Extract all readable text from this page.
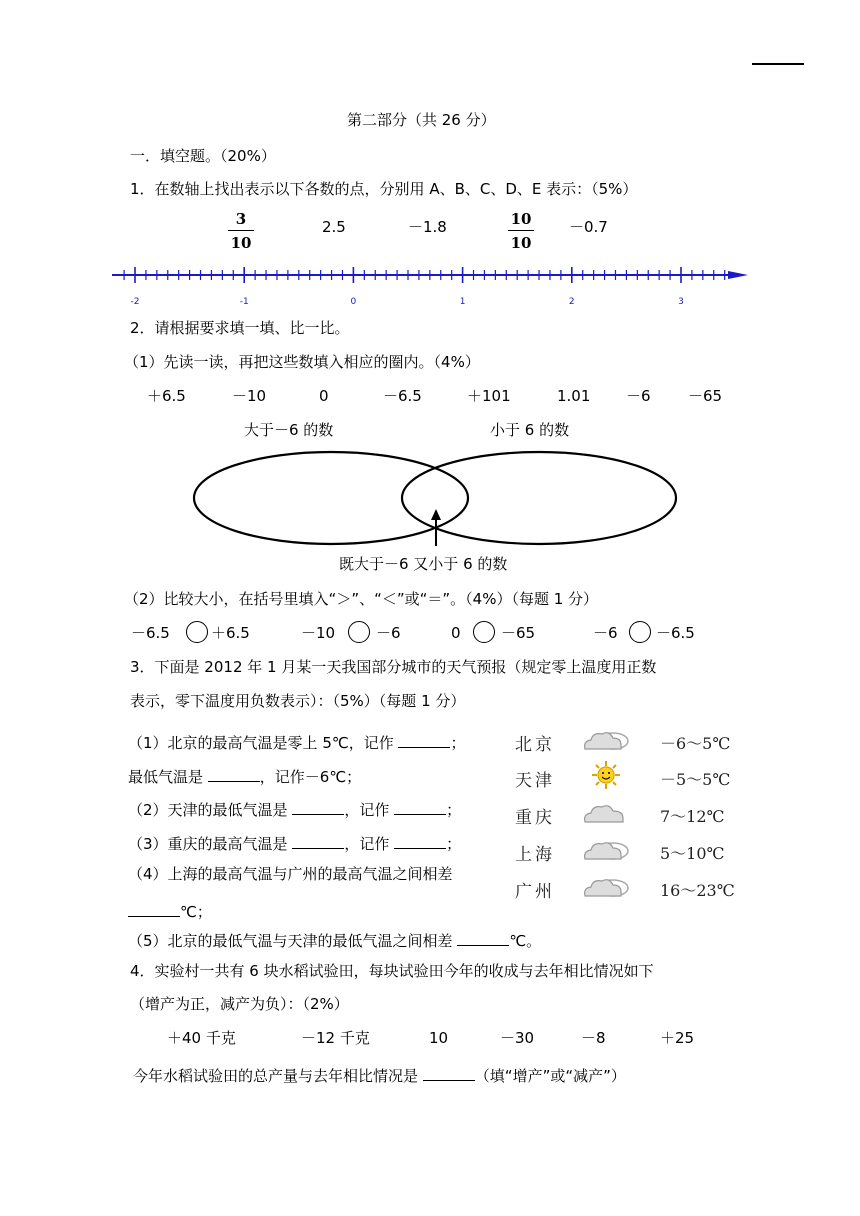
第二部分（共 26 分）
一．填空题。（20%）
1．在数轴上找出表示以下各数的点，分别用 A、B、C、D、E 表示：（5%）
3
10
2.5	－1.8	10
10
－0.7
-2	-1	0	1	2	3
2．请根据要求填一填、比一比。
（1）先读一读，再把这些数填入相应的圈内。（4%）
＋6.5	－10	0	－6.5	＋101	1.01 －6 －65
大于－6 的数	小于 6 的数
既大于－6 又小于 6 的数
（2）比较大小，在括号里填入“＞”、“＜”或“＝”。（4%）（每题 1 分）
－6.5	＋6.5	－10	－6	0	－65	－6	－6.5
3．下面是 2012 年 1 月某一天我国部分城市的天气预报（规定零上温度用正数
表示，零下温度用负数表示）：（5%）（每题 1 分）
（1）北京的最高气温是零上 5℃，记作	；
最低气温是	，记作－6℃；
（2）天津的最低气温是	，记作	；
（3）重庆的最高气温是	，记作	；
（4）上海的最高气温与广州的最高气温之间相差
℃；
（5）北京的最低气温与天津的最低气温之间相差	℃。
北京	－6～5℃
天津	－5～5℃
重庆	7～12℃
上海	5～10℃
广州	16～23℃
4．实验村一共有 6 块水稻试验田，每块试验田今年的收成与去年相比情况如下
（增产为正，减产为负）：（2%）
＋40 千克	－12 千克	10	－30	－8	＋25
今年水稻试验田的总产量与去年相比情况是	（填“增产”或“减产”）
